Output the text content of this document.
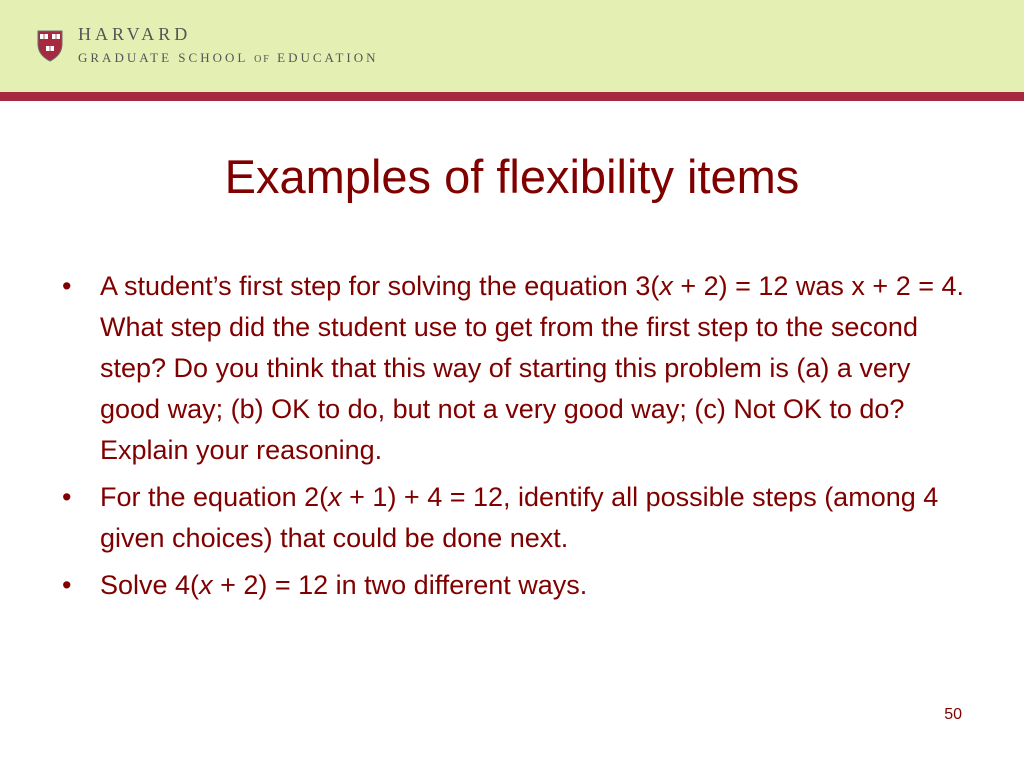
HARVARD
GRADUATE SCHOOL OF EDUCATION
Examples of flexibility items
• A student’s first step for solving the equation 3(x + 2) = 12 was x + 2 = 4. What step did the student use to get from the first step to the second step? Do you think that this way of starting this problem is (a) a very good way; (b) OK to do, but not a very good way; (c) Not OK to do? Explain your reasoning.
• For the equation 2(x + 1) + 4 = 12, identify all possible steps (among 4 given choices) that could be done next.
• Solve 4(x + 2) = 12 in two different ways.
50
